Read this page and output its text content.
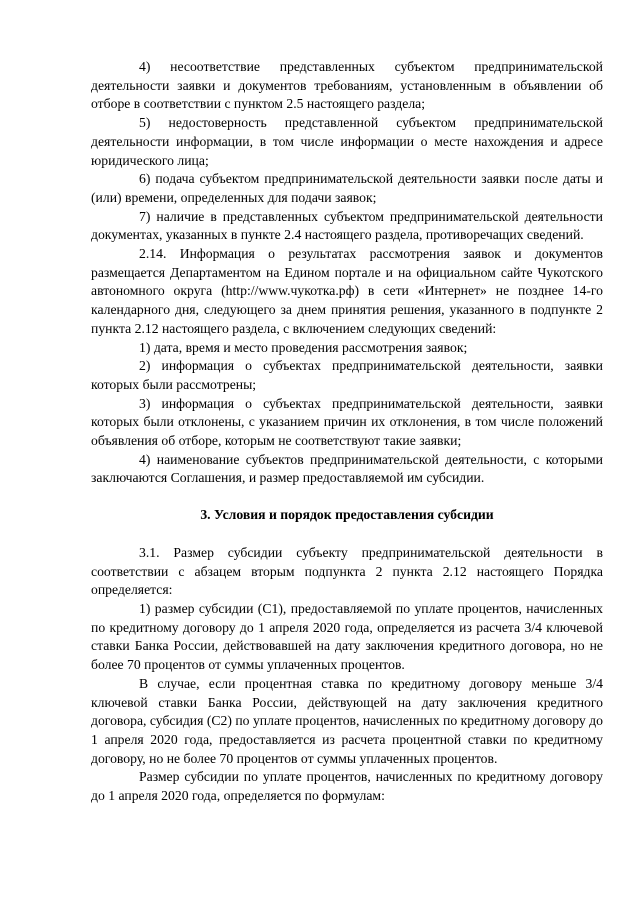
4) несоответствие представленных субъектом предпринимательской деятельности заявки и документов требованиям, установленным в объявлении об отборе в соответствии с пунктом 2.5 настоящего раздела;

5) недостоверность представленной субъектом предпринимательской деятельности информации, в том числе информации о месте нахождения и адресе юридического лица;

6) подача субъектом предпринимательской деятельности заявки после даты и (или) времени, определенных для подачи заявок;

7) наличие в представленных субъектом предпринимательской деятельности документах, указанных в пункте 2.4 настоящего раздела, противоречащих сведений.

2.14. Информация о результатах рассмотрения заявок и документов размещается Департаментом на Едином портале и на официальном сайте Чукотского автономного округа (http://www.чукотка.рф) в сети «Интернет» не позднее 14-го календарного дня, следующего за днем принятия решения, указанного в подпункте 2 пункта 2.12 настоящего раздела, с включением следующих сведений:

1) дата, время и место проведения рассмотрения заявок;

2) информация о субъектах предпринимательской деятельности, заявки которых были рассмотрены;

3) информация о субъектах предпринимательской деятельности, заявки которых были отклонены, с указанием причин их отклонения, в том числе положений объявления об отборе, которым не соответствуют такие заявки;

4) наименование субъектов предпринимательской деятельности, с которыми заключаются Соглашения, и размер предоставляемой им субсидии.

3. Условия и порядок предоставления субсидии

3.1. Размер субсидии субъекту предпринимательской деятельности в соответствии с абзацем вторым подпункта 2 пункта 2.12 настоящего Порядка определяется:

1) размер субсидии (С1), предоставляемой по уплате процентов, начисленных по кредитному договору до 1 апреля 2020 года, определяется из расчета 3/4 ключевой ставки Банка России, действовавшей на дату заключения кредитного договора, но не более 70 процентов от суммы уплаченных процентов.

В случае, если процентная ставка по кредитному договору меньше 3/4 ключевой ставки Банка России, действующей на дату заключения кредитного договора, субсидия (С2) по уплате процентов, начисленных по кредитному договору до 1 апреля 2020 года, предоставляется из расчета процентной ставки по кредитному договору, но не более 70 процентов от суммы уплаченных процентов.

Размер субсидии по уплате процентов, начисленных по кредитному договору до 1 апреля 2020 года, определяется по формулам:
